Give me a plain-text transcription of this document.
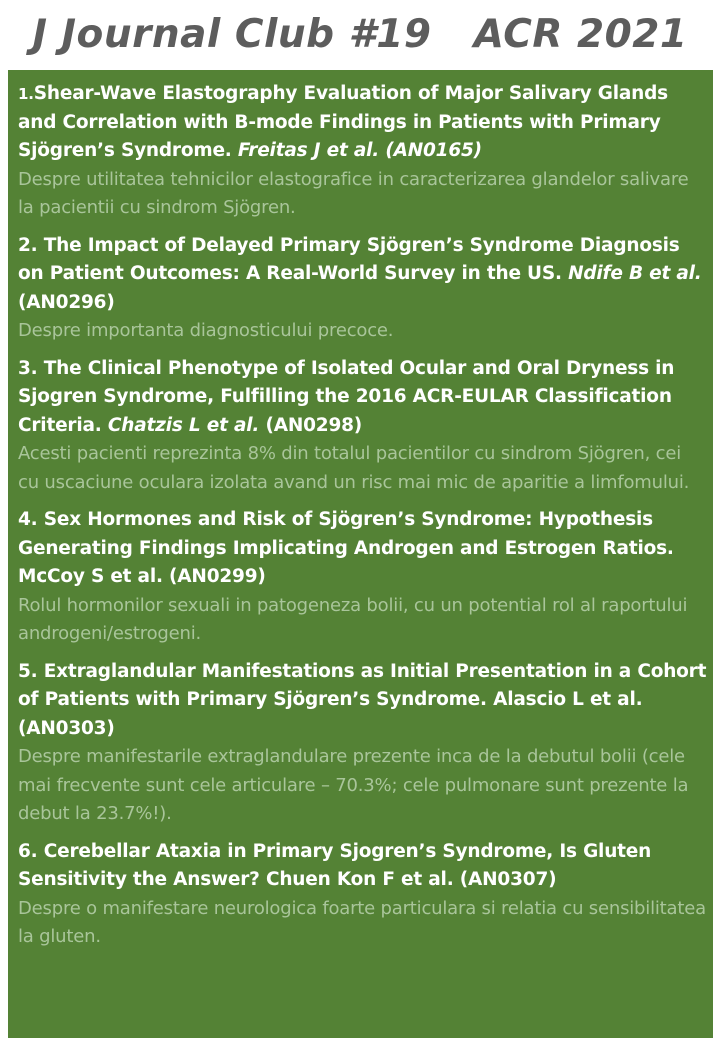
J Journal Club #19   ACR 2021
1.Shear-Wave Elastography Evaluation of Major Salivary Glands and Correlation with B-mode Findings in Patients with Primary Sjögren’s Syndrome. Freitas J et al. (AN0165)
Despre utilitatea tehnicilor elastografice in caracterizarea glandelor salivare la pacientii cu sindrom Sjögren.
2. The Impact of Delayed Primary Sjögren’s Syndrome Diagnosis on Patient Outcomes: A Real-World Survey in the US. Ndife B et al. (AN0296)
Despre importanta diagnosticului precoce.
3. The Clinical Phenotype of Isolated Ocular and Oral Dryness in Sjogren Syndrome, Fulfilling the 2016 ACR-EULAR Classification Criteria. Chatzis L et al. (AN0298)
Acesti pacienti reprezinta 8% din totalul pacientilor cu sindrom Sjögren, cei cu uscaciune oculara izolata avand un risc mai mic de aparitie a limfomului.
4. Sex Hormones and Risk of Sjögren’s Syndrome: Hypothesis Generating Findings Implicating Androgen and Estrogen Ratios. McCoy S et al. (AN0299)
Rolul hormonilor sexuali in patogeneza bolii, cu un potential rol al raportului androgeni/estrogeni.
5. Extraglandular Manifestations as Initial Presentation in a Cohort of Patients with Primary Sjögren’s Syndrome. Alascio L et al. (AN0303)
Despre manifestarile extraglandulare prezente inca de la debutul bolii (cele mai frecvente sunt cele articulare – 70.3%; cele pulmonare sunt prezente la debut la 23.7%!).
6. Cerebellar Ataxia in Primary Sjogren’s Syndrome, Is Gluten Sensitivity the Answer? Chuen Kon F et al. (AN0307)
Despre o manifestare neurologica foarte particulara si relatia cu sensibilitatea la gluten.
